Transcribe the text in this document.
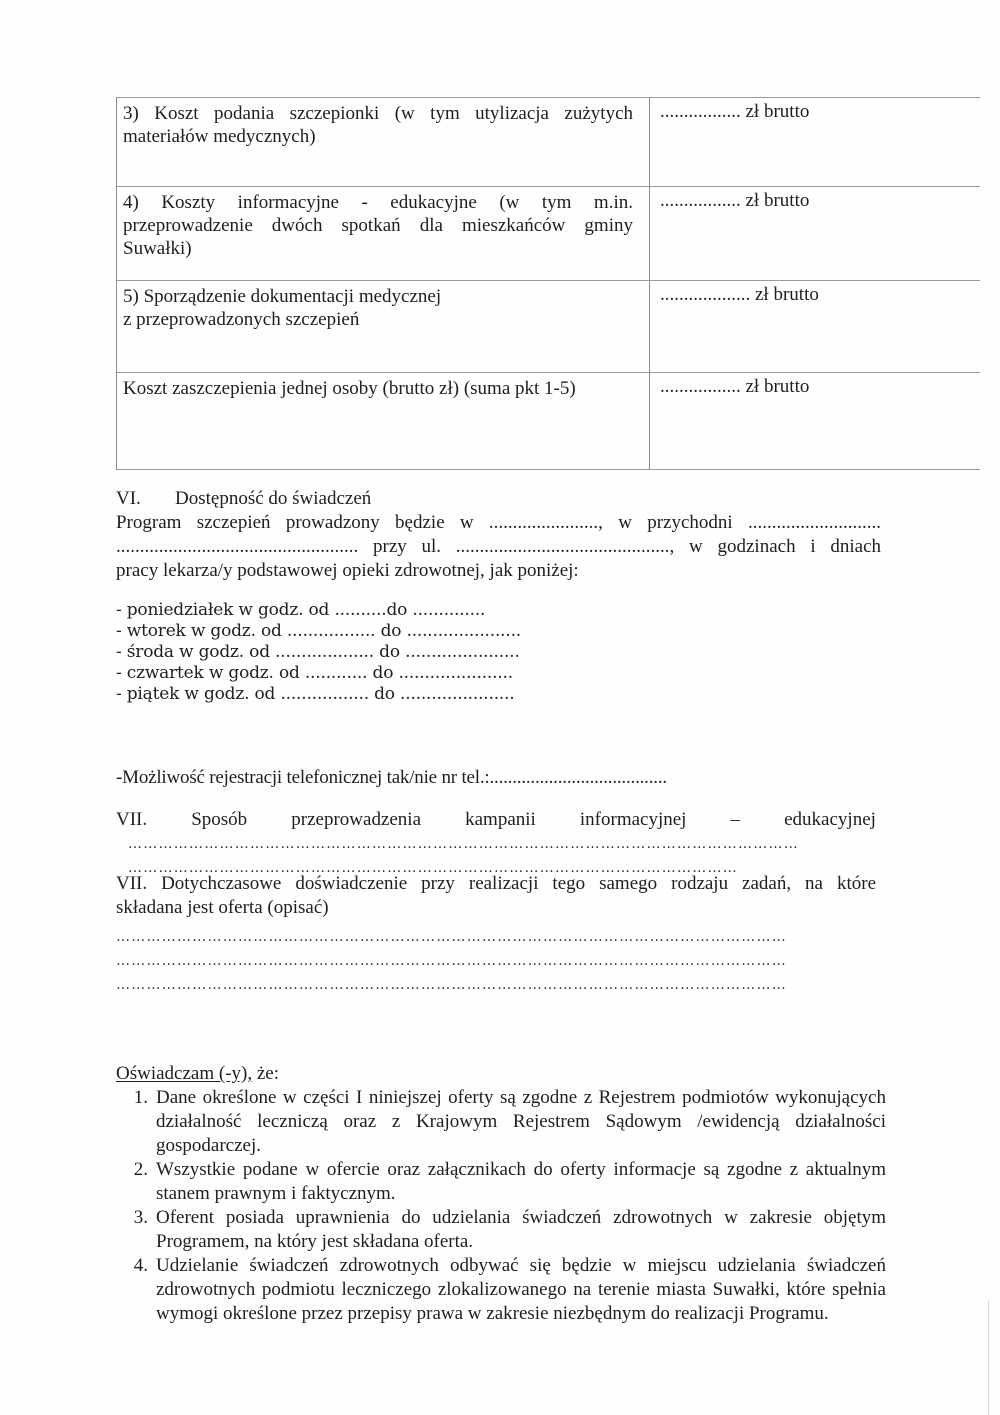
3) Koszt podania szczepionki (w tym utylizacja zużytych materiałów medycznych)	................. zł brutto

4) Koszty informacyjne - edukacyjne (w tym m.in. przeprowadzenie dwóch spotkań dla mieszkańców gminy Suwałki)	................. zł brutto

5) Sporządzenie dokumentacji medycznej
z przeprowadzonych szczepień	................... zł brutto

Koszt zaszczepienia jednej osoby (brutto zł) (suma pkt 1-5)	................. zł brutto
VI.	Dostępność do świadczeń
Program szczepień prowadzony będzie w ......................., w przychodni ............................
................................................... przy ul. ............................................., w godzinach i dniach
pracy lekarza/y podstawowej opieki zdrowotnej, jak poniżej:
- poniedziałek w godz. od ..........do ..............
- wtorek w godz. od ................. do ......................
- środa w godz. od ................... do ......................
- czwartek w godz. od ............ do ......................
- piątek w godz. od ................. do ......................
-Możliwość rejestracji telefonicznej tak/nie nr tel.:.......................................
VII. Sposób przeprowadzenia kampanii informacyjnej – edukacyjnej
……………………………………………………………………………………………………………………
…………………………………………………………………………………………………………
VII. Dotychczasowe doświadczenie przy realizacji tego samego rodzaju zadań, na które
składana jest oferta (opisać)
……………………………………………………………………………………………………………………
……………………………………………………………………………………………………………………
……………………………………………………………………………………………………………………
Oświadczam (-y), że:
1. Dane określone w części I niniejszej oferty są zgodne z Rejestrem podmiotów wykonujących działalność leczniczą oraz z Krajowym Rejestrem Sądowym /ewidencją działalności gospodarczej.
2. Wszystkie podane w ofercie oraz załącznikach do oferty informacje są zgodne z aktualnym stanem prawnym i faktycznym.
3. Oferent posiada uprawnienia do udzielania świadczeń zdrowotnych w zakresie objętym Programem, na który jest składana oferta.
4. Udzielanie świadczeń zdrowotnych odbywać się będzie w miejscu udzielania świadczeń zdrowotnych podmiotu leczniczego zlokalizowanego na terenie miasta Suwałki, które spełnia wymogi określone przez przepisy prawa w zakresie niezbędnym do realizacji Programu.
